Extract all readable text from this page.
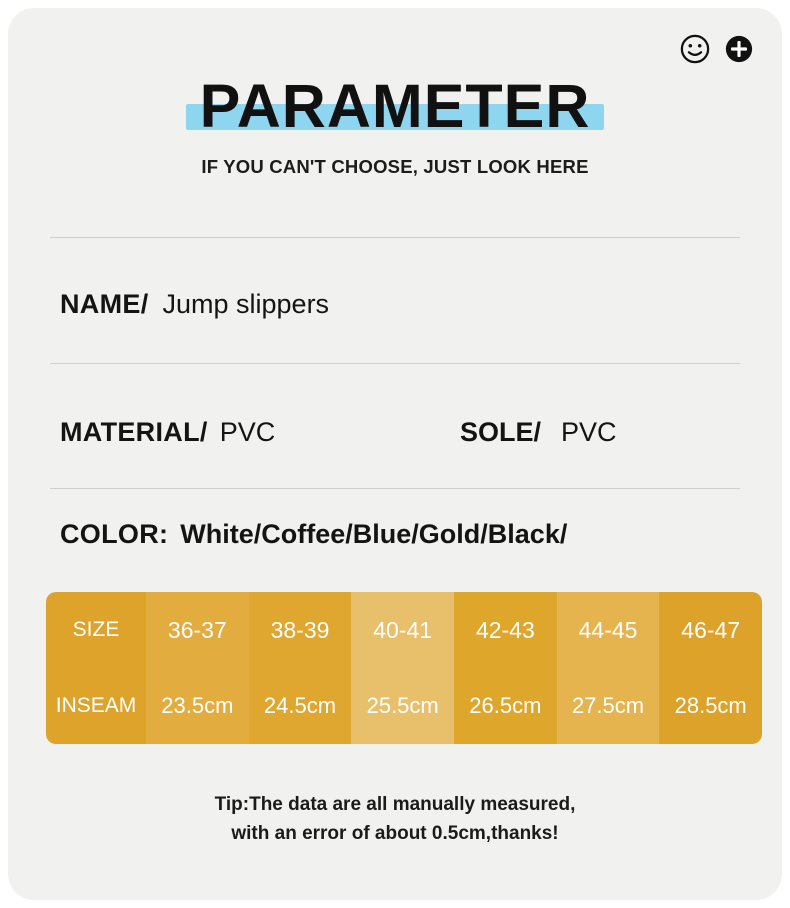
PARAMETER
IF YOU CAN'T CHOOSE, JUST LOOK HERE
NAME/ Jump slippers
MATERIAL/ PVC	SOLE/ PVC
COLOR: White/Coffee/Blue/Gold/Black/
SIZE
INSEAM
36-37
23.5cm
38-39
24.5cm
40-41
25.5cm
42-43
26.5cm
44-45
27.5cm
46-47
28.5cm
Tip:The data are all manually measured,
with an error of about 0.5cm,thanks!
